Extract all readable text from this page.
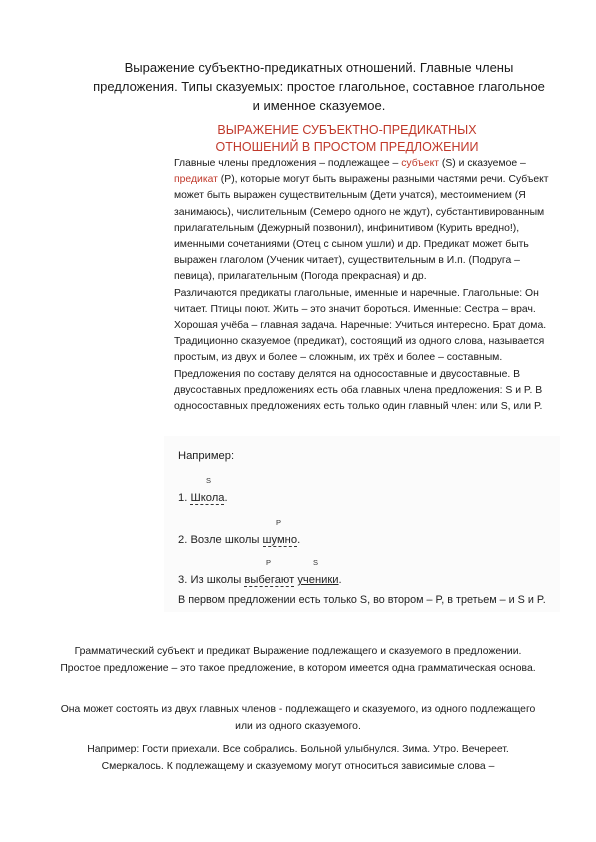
Выражение субъектно-предикатных отношений. Главные члены предложения. Типы сказуемых: простое глагольное, составное глагольное и именное сказуемое.
ВЫРАЖЕНИЕ СУБЪЕКТНО-ПРЕДИКАТНЫХ ОТНОШЕНИЙ В ПРОСТОМ ПРЕДЛОЖЕНИИ

Главные члены предложения – подлежащее – субъект (S) и сказуемое – предикат (P), которые могут быть выражены разными частями речи. Субъект может быть выражен существительным (Дети учатся), местоимением (Я занимаюсь), числительным (Семеро одного не ждут), субстантивированным прилагательным (Дежурный позвонил), инфинитивом (Курить вредно!), именными сочетаниями (Отец с сыном ушли) и др. Предикат может быть выражен глаголом (Ученик читает), существительным в И.п. (Подруга – певица), прилагательным (Погода прекрасная) и др.

Различаются предикаты глагольные, именные и наречные. Глагольные: Он читает. Птицы поют. Жить – это значит бороться. Именные: Сестра – врач. Хорошая учёба – главная задача. Наречные: Учиться интересно. Брат дома. Традиционно сказуемое (предикат), состоящий из одного слова, называется простым, из двух и более – сложным, их трёх и более – составным. Предложения по составу делятся на односоставные и двусоставные. В двусоставных предложениях есть оба главных члена предложения: S и P. В односоставных предложениях есть только один главный член: или S, или P.

Например:
S
1. Школа.
P
2. Возле школы шумно.
P	S
3. Из школы выбегают ученики.
В первом предложении есть только S, во втором – P, в третьем – и S и P.

Грамматический субъект и предикат Выражение подлежащего и сказуемого в предложении. Простое предложение – это такое предложение, в котором имеется одна грамматическая основа.

Она может состоять из двух главных членов - подлежащего и сказуемого, из одного подлежащего или из одного сказуемого.

Например: Гости приехали. Все собрались. Больной улыбнулся. Зима. Утро. Вечереет. Смеркалось. К подлежащему и сказуемому могут относиться зависимые слова –
